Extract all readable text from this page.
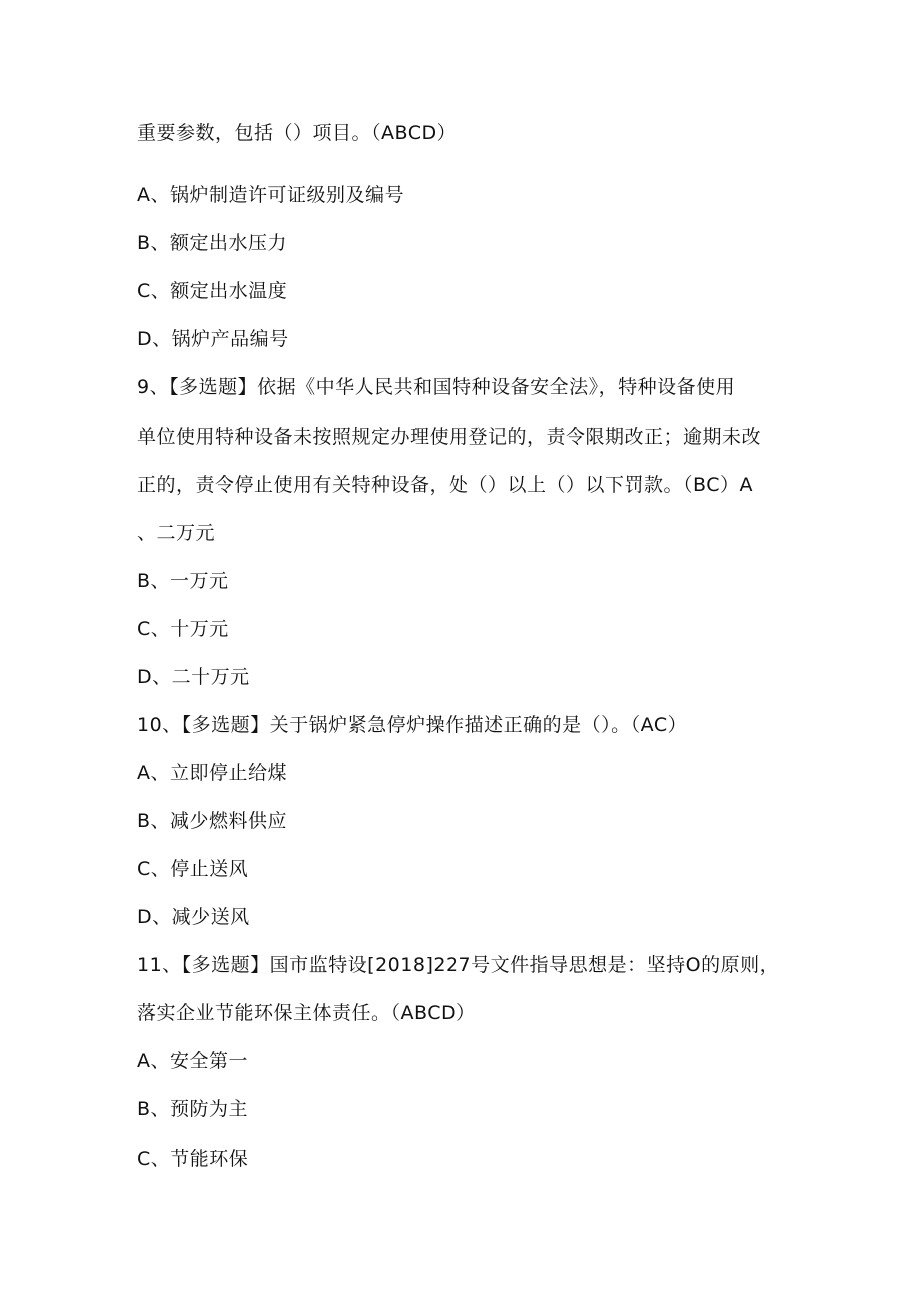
重要参数，包括（）项目。（ABCD）
A、锅炉制造许可证级别及编号
B、额定出水压力
C、额定出水温度
D、锅炉产品编号
9、【多选题】依据《中华人民共和国特种设备安全法》，特种设备使用
单位使用特种设备未按照规定办理使用登记的，责令限期改正；逾期未改
正的，责令停止使用有关特种设备，处（）以上（）以下罚款。（BC）A
、二万元
B、一万元
C、十万元
D、二十万元
10、【多选题】关于锅炉紧急停炉操作描述正确的是（）。（AC）
A、立即停止给煤
B、减少燃料供应
C、停止送风
D、减少送风
11、【多选题】国市监特设[2018]227号文件指导思想是：坚持O的原则，
落实企业节能环保主体责任。（ABCD）
A、安全第一
B、预防为主
C、节能环保
